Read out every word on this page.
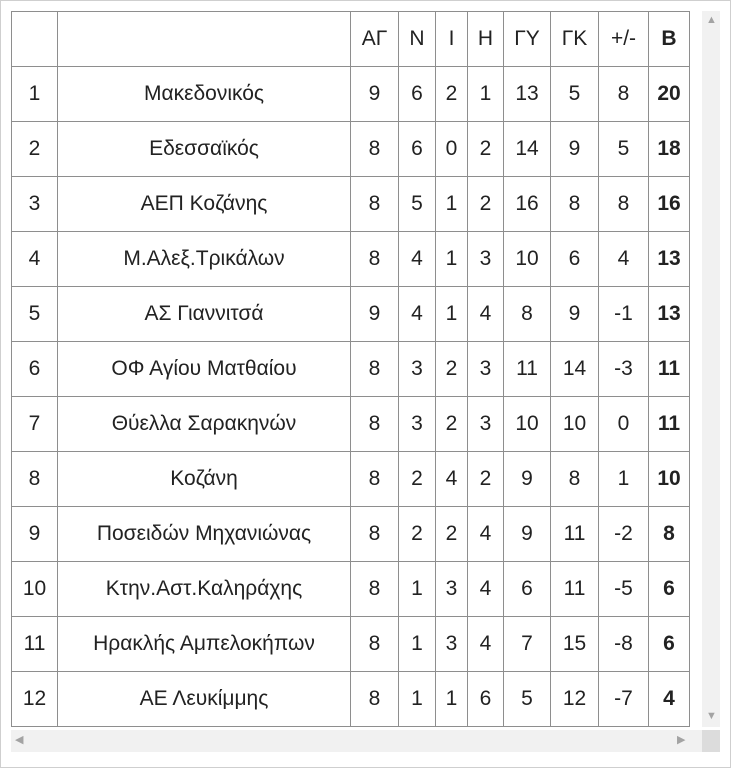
		ΑΓ	Ν	Ι	Η	ΓΥ	ΓΚ	+/-	Β
1	Μακεδονικός	9	6	2	1	13	5	8	20
2	Εδεσσαϊκός	8	6	0	2	14	9	5	18
3	ΑΕΠ Κοζάνης	8	5	1	2	16	8	8	16
4	Μ.Αλεξ.Τρικάλων	8	4	1	3	10	6	4	13
5	ΑΣ Γιαννιτσά	9	4	1	4	8	9	-1	13
6	ΟΦ Αγίου Ματθαίου	8	3	2	3	11	14	-3	11
7	Θύελλα Σαρακηνών	8	3	2	3	10	10	0	11
8	Κοζάνη	8	2	4	2	9	8	1	10
9	Ποσειδών Μηχανιώνας	8	2	2	4	9	11	-2	8
10	Κτην.Αστ.Καληράχης	8	1	3	4	6	11	-5	6
11	Ηρακλής Αμπελοκήπων	8	1	3	4	7	15	-8	6
12	ΑΕ Λευκίμμης	8	1	1	6	5	12	-7	4
▲
▼
◀	▶
